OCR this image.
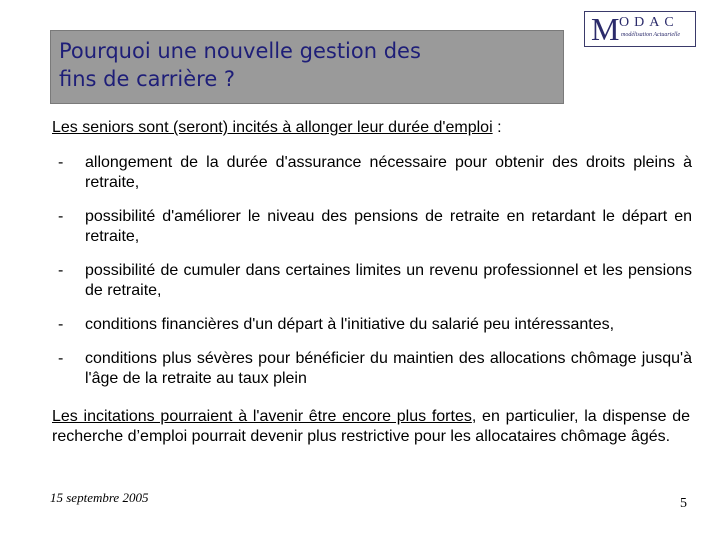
Pourquoi une nouvelle gestion des

fins de carrière ?

M ODAC
modélisation Actuarielle
Les seniors sont (seront) incités à allonger leur durée d'emploi :
- allongement de la durée d'assurance nécessaire pour obtenir des droits pleins à retraite,
- possibilité d'améliorer le niveau des pensions de retraite en retardant le départ en retraite,
- possibilité de cumuler dans certaines limites un revenu professionnel et les pensions de retraite,
- conditions financières d'un départ à l'initiative du salarié peu intéressantes,
- conditions plus sévères pour bénéficier du maintien des allocations chômage jusqu'à l'âge de la retraite au taux plein
Les incitations pourraient à l'avenir être encore plus fortes, en particulier, la dispense de recherche d’emploi pourrait devenir plus restrictive pour les allocataires chômage âgés.
15 septembre 2005	5
